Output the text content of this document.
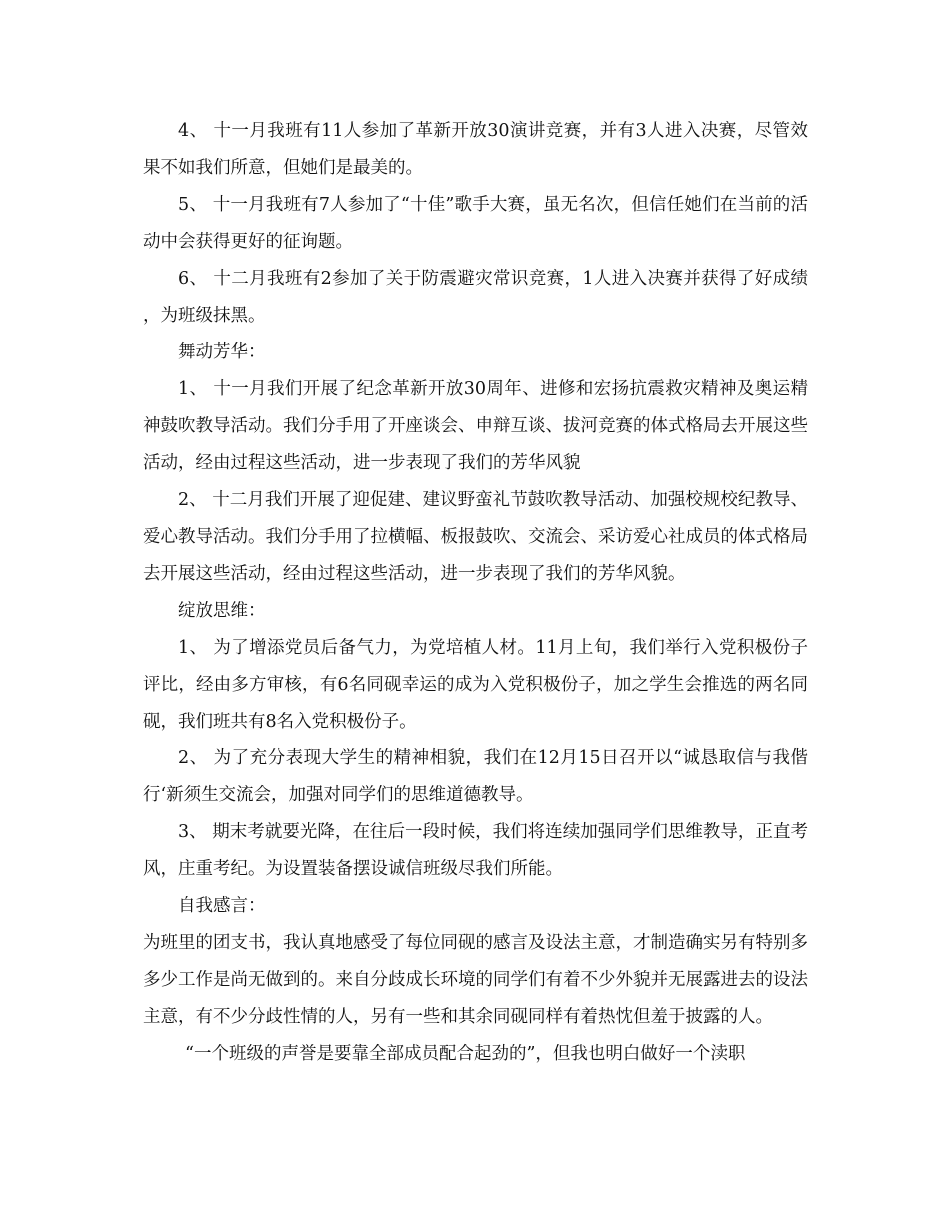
4、 十一月我班有11人参加了革新开放30演讲竞赛，并有3人进入决赛，尽管效果不如我们所意，但她们是最美的。

5、 十一月我班有7人参加了“十佳”歌手大赛，虽无名次，但信任她们在当前的活动中会获得更好的征询题。

6、 十二月我班有2参加了关于防震避灾常识竞赛，1人进入决赛并获得了好成绩，为班级抹黑。

舞动芳华：

1、 十一月我们开展了纪念革新开放30周年、进修和宏扬抗震救灾精神及奥运精神鼓吹教导活动。我们分手用了开座谈会、申辩互谈、拔河竞赛的体式格局去开展这些活动，经由过程这些活动，进一步表现了我们的芳华风貌

2、 十二月我们开展了迎促建、建议野蛮礼节鼓吹教导活动、加强校规校纪教导、爱心教导活动。我们分手用了拉横幅、板报鼓吹、交流会、采访爱心社成员的体式格局去开展这些活动，经由过程这些活动，进一步表现了我们的芳华风貌。

绽放思维：

1、 为了增添党员后备气力，为党培植人材。11月上旬，我们举行入党积极份子评比，经由多方审核，有6名同砚幸运的成为入党积极份子，加之学生会推选的两名同砚，我们班共有8名入党积极份子。

2、 为了充分表现大学生的精神相貌，我们在12月15日召开以“诚恳取信与我偕行‘新须生交流会，加强对同学们的思维道德教导。

3、 期末考就要光降，在往后一段时候，我们将连续加强同学们思维教导，正直考风，庄重考纪。为设置装备摆设诚信班级尽我们所能。

自我感言：

为班里的团支书，我认真地感受了每位同砚的感言及设法主意，才制造确实另有特别多多少工作是尚无做到的。来自分歧成长环境的同学们有着不少外貌并无展露进去的设法主意，有不少分歧性情的人，另有一些和其余同砚同样有着热忱但羞于披露的人。

“一个班级的声誉是要靠全部成员配合起劲的”，但我也明白做好一个渎职
